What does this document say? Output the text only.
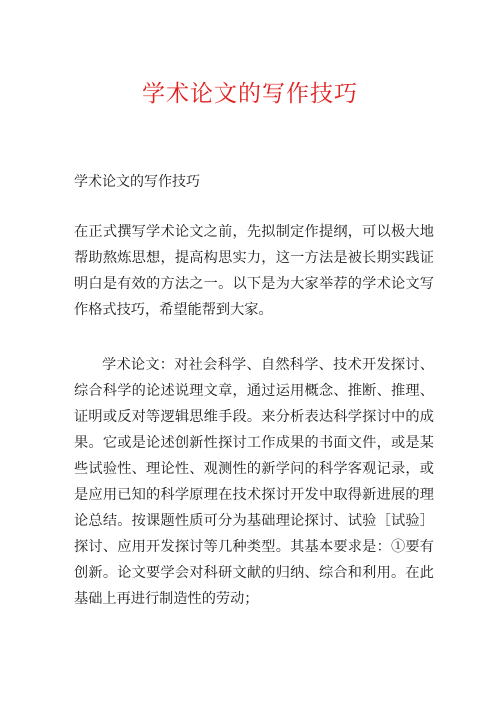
学术论文的写作技巧
学术论文的写作技巧

在正式撰写学术论文之前，先拟制定作提纲，可以极大地帮助熬炼思想，提高构思实力，这一方法是被长期实践证明白是有效的方法之一。以下是为大家举荐的学术论文写作格式技巧，希望能帮到大家。

学术论文：对社会科学、自然科学、技术开发探讨、综合科学的论述说理文章，通过运用概念、推断、推理、证明或反对等逻辑思维手段。来分析表达科学探讨中的成果。它或是论述创新性探讨工作成果的书面文件，或是某些试验性、理论性、观测性的新学问的科学客观记录，或是应用已知的科学原理在技术探讨开发中取得新进展的理论总结。按课题性质可分为基础理论探讨、试验［试验］探讨、应用开发探讨等几种类型。其基本要求是：①要有创新。论文要学会对科研文献的归纳、综合和利用。在此基础上再进行制造性的劳动；
